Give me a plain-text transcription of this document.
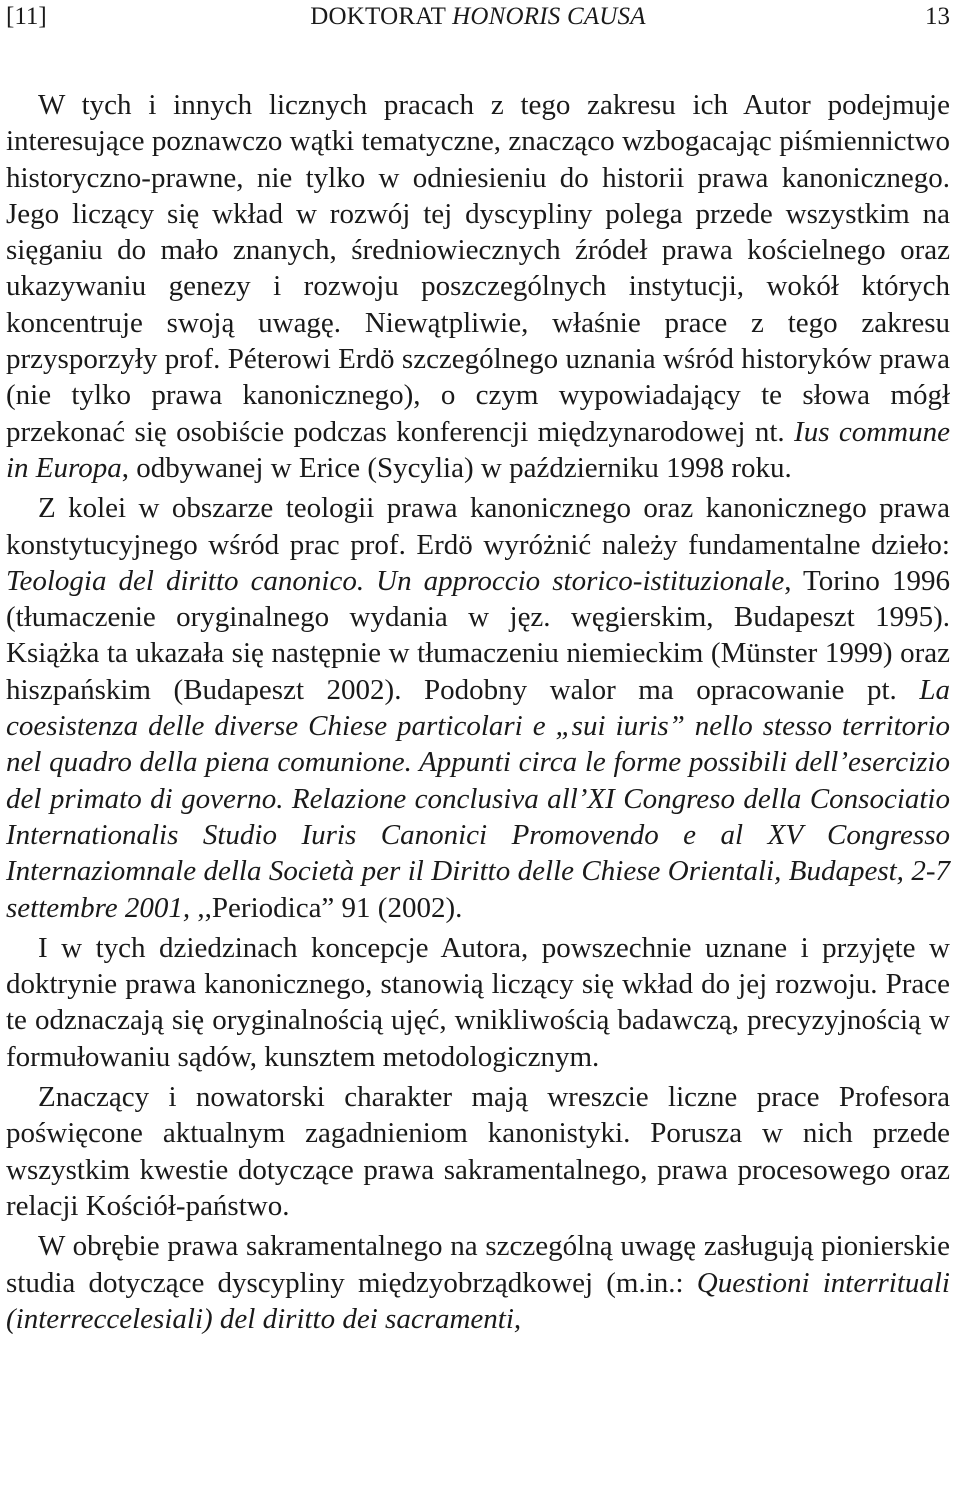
[11]	DOKTORAT HONORIS CAUSA	13

W tych i innych licznych pracach z tego zakresu ich Autor podejmuje interesujące poznawczo wątki tematyczne, znacząco wzbogacając piśmiennictwo historyczno-prawne, nie tylko w odniesieniu do historii prawa kanonicznego. Jego liczący się wkład w rozwój tej dyscypliny polega przede wszystkim na sięganiu do mało znanych, średniowiecznych źródeł prawa kościelnego oraz ukazywaniu genezy i rozwoju poszczególnych instytucji, wokół których koncentruje swoją uwagę. Niewątpliwie, właśnie prace z tego zakresu przysporzyły prof. Péterowi Erdö szczególnego uznania wśród historyków prawa (nie tylko prawa kanonicznego), o czym wypowiadający te słowa mógł przekonać się osobiście podczas konferencji międzynarodowej nt. Ius commune in Europa, odbywanej w Erice (Sycylia) w październiku 1998 roku.

Z kolei w obszarze teologii prawa kanonicznego oraz kanonicznego prawa konstytucyjnego wśród prac prof. Erdö wyróżnić należy fundamentalne dzieło: Teologia del diritto canonico. Un approccio storico-istituzionale, Torino 1996 (tłumaczenie oryginalnego wydania w jęz. węgierskim, Budapeszt 1995). Książka ta ukazała się następnie w tłumaczeniu niemieckim (Münster 1999) oraz hiszpańskim (Budapeszt 2002). Podobny walor ma opracowanie pt. La coesistenza delle diverse Chiese particolari e „sui iuris” nello stesso territorio nel quadro della piena comunione. Appunti circa le forme possibili dell’esercizio del primato di governo. Relazione conclusiva all’XI Congreso della Consociatio Internationalis Studio Iuris Canonici Promovendo e al XV Congresso Internaziomnale della Società per il Diritto delle Chiese Orientali, Budapest, 2-7 settembre 2001, ,,Periodica” 91 (2002).

I w tych dziedzinach koncepcje Autora, powszechnie uznane i przyjęte w doktrynie prawa kanonicznego, stanowią liczący się wkład do jej rozwoju. Prace te odznaczają się oryginalnością ujęć, wnikliwością badawczą, precyzyjnością w formułowaniu sądów, kunsztem metodologicznym.

Znaczący i nowatorski charakter mają wreszcie liczne prace Profesora poświęcone aktualnym zagadnieniom kanonistyki. Porusza w nich przede wszystkim kwestie dotyczące prawa sakramentalnego, prawa procesowego oraz relacji Kościół-państwo.

W obrębie prawa sakramentalnego na szczególną uwagę zasługują pionierskie studia dotyczące dyscypliny międzyobrządkowej (m.in.: Questioni interrituali (interreccelesiali) del diritto dei sacramenti,
